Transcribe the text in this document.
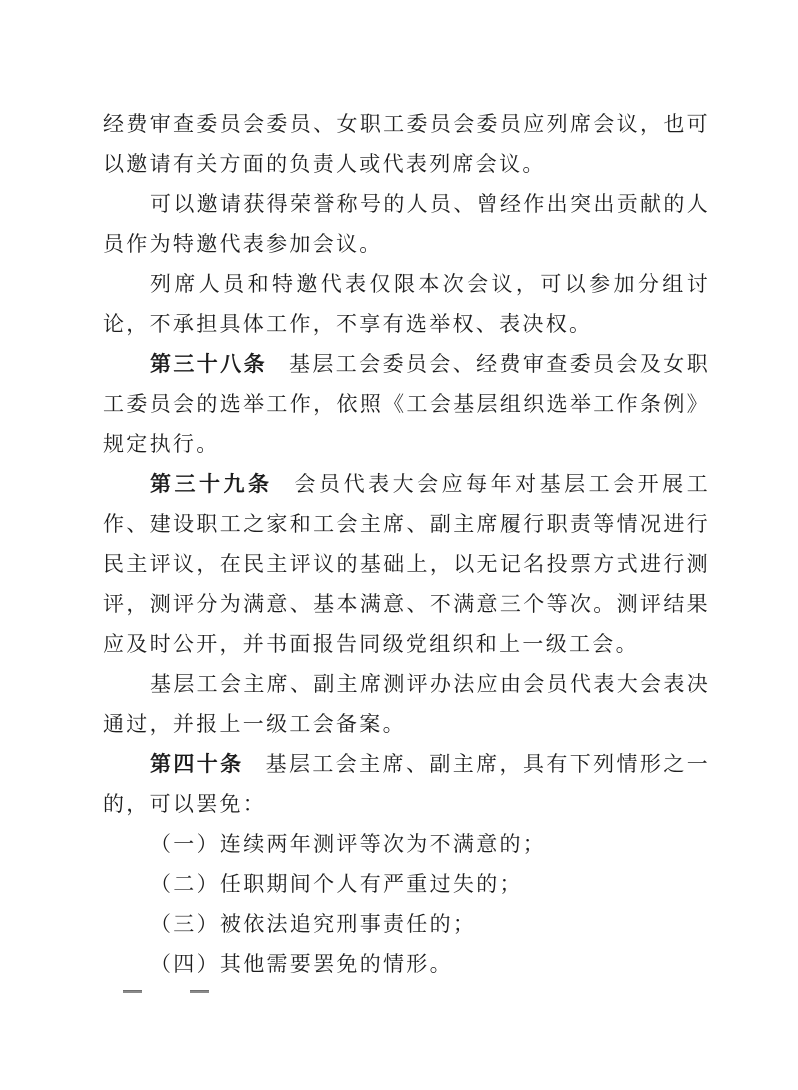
经费审查委员会委员、女职工委员会委员应列席会议，也可
以邀请有关方面的负责人或代表列席会议。
可以邀请获得荣誉称号的人员、曾经作出突出贡献的人
员作为特邀代表参加会议。
列席人员和特邀代表仅限本次会议，可以参加分组讨
论，不承担具体工作，不享有选举权、表决权。
第三十八条 基层工会委员会、经费审查委员会及女职
工委员会的选举工作，依照《工会基层组织选举工作条例》
规定执行。
第三十九条 会员代表大会应每年对基层工会开展工
作、建设职工之家和工会主席、副主席履行职责等情况进行
民主评议，在民主评议的基础上，以无记名投票方式进行测
评，测评分为满意、基本满意、不满意三个等次。测评结果
应及时公开，并书面报告同级党组织和上一级工会。
基层工会主席、副主席测评办法应由会员代表大会表决
通过，并报上一级工会备案。
第四十条 基层工会主席、副主席，具有下列情形之一
的，可以罢免：
（一）连续两年测评等次为不满意的；
（二）任职期间个人有严重过失的；
（三）被依法追究刑事责任的；
（四）其他需要罢免的情形。
